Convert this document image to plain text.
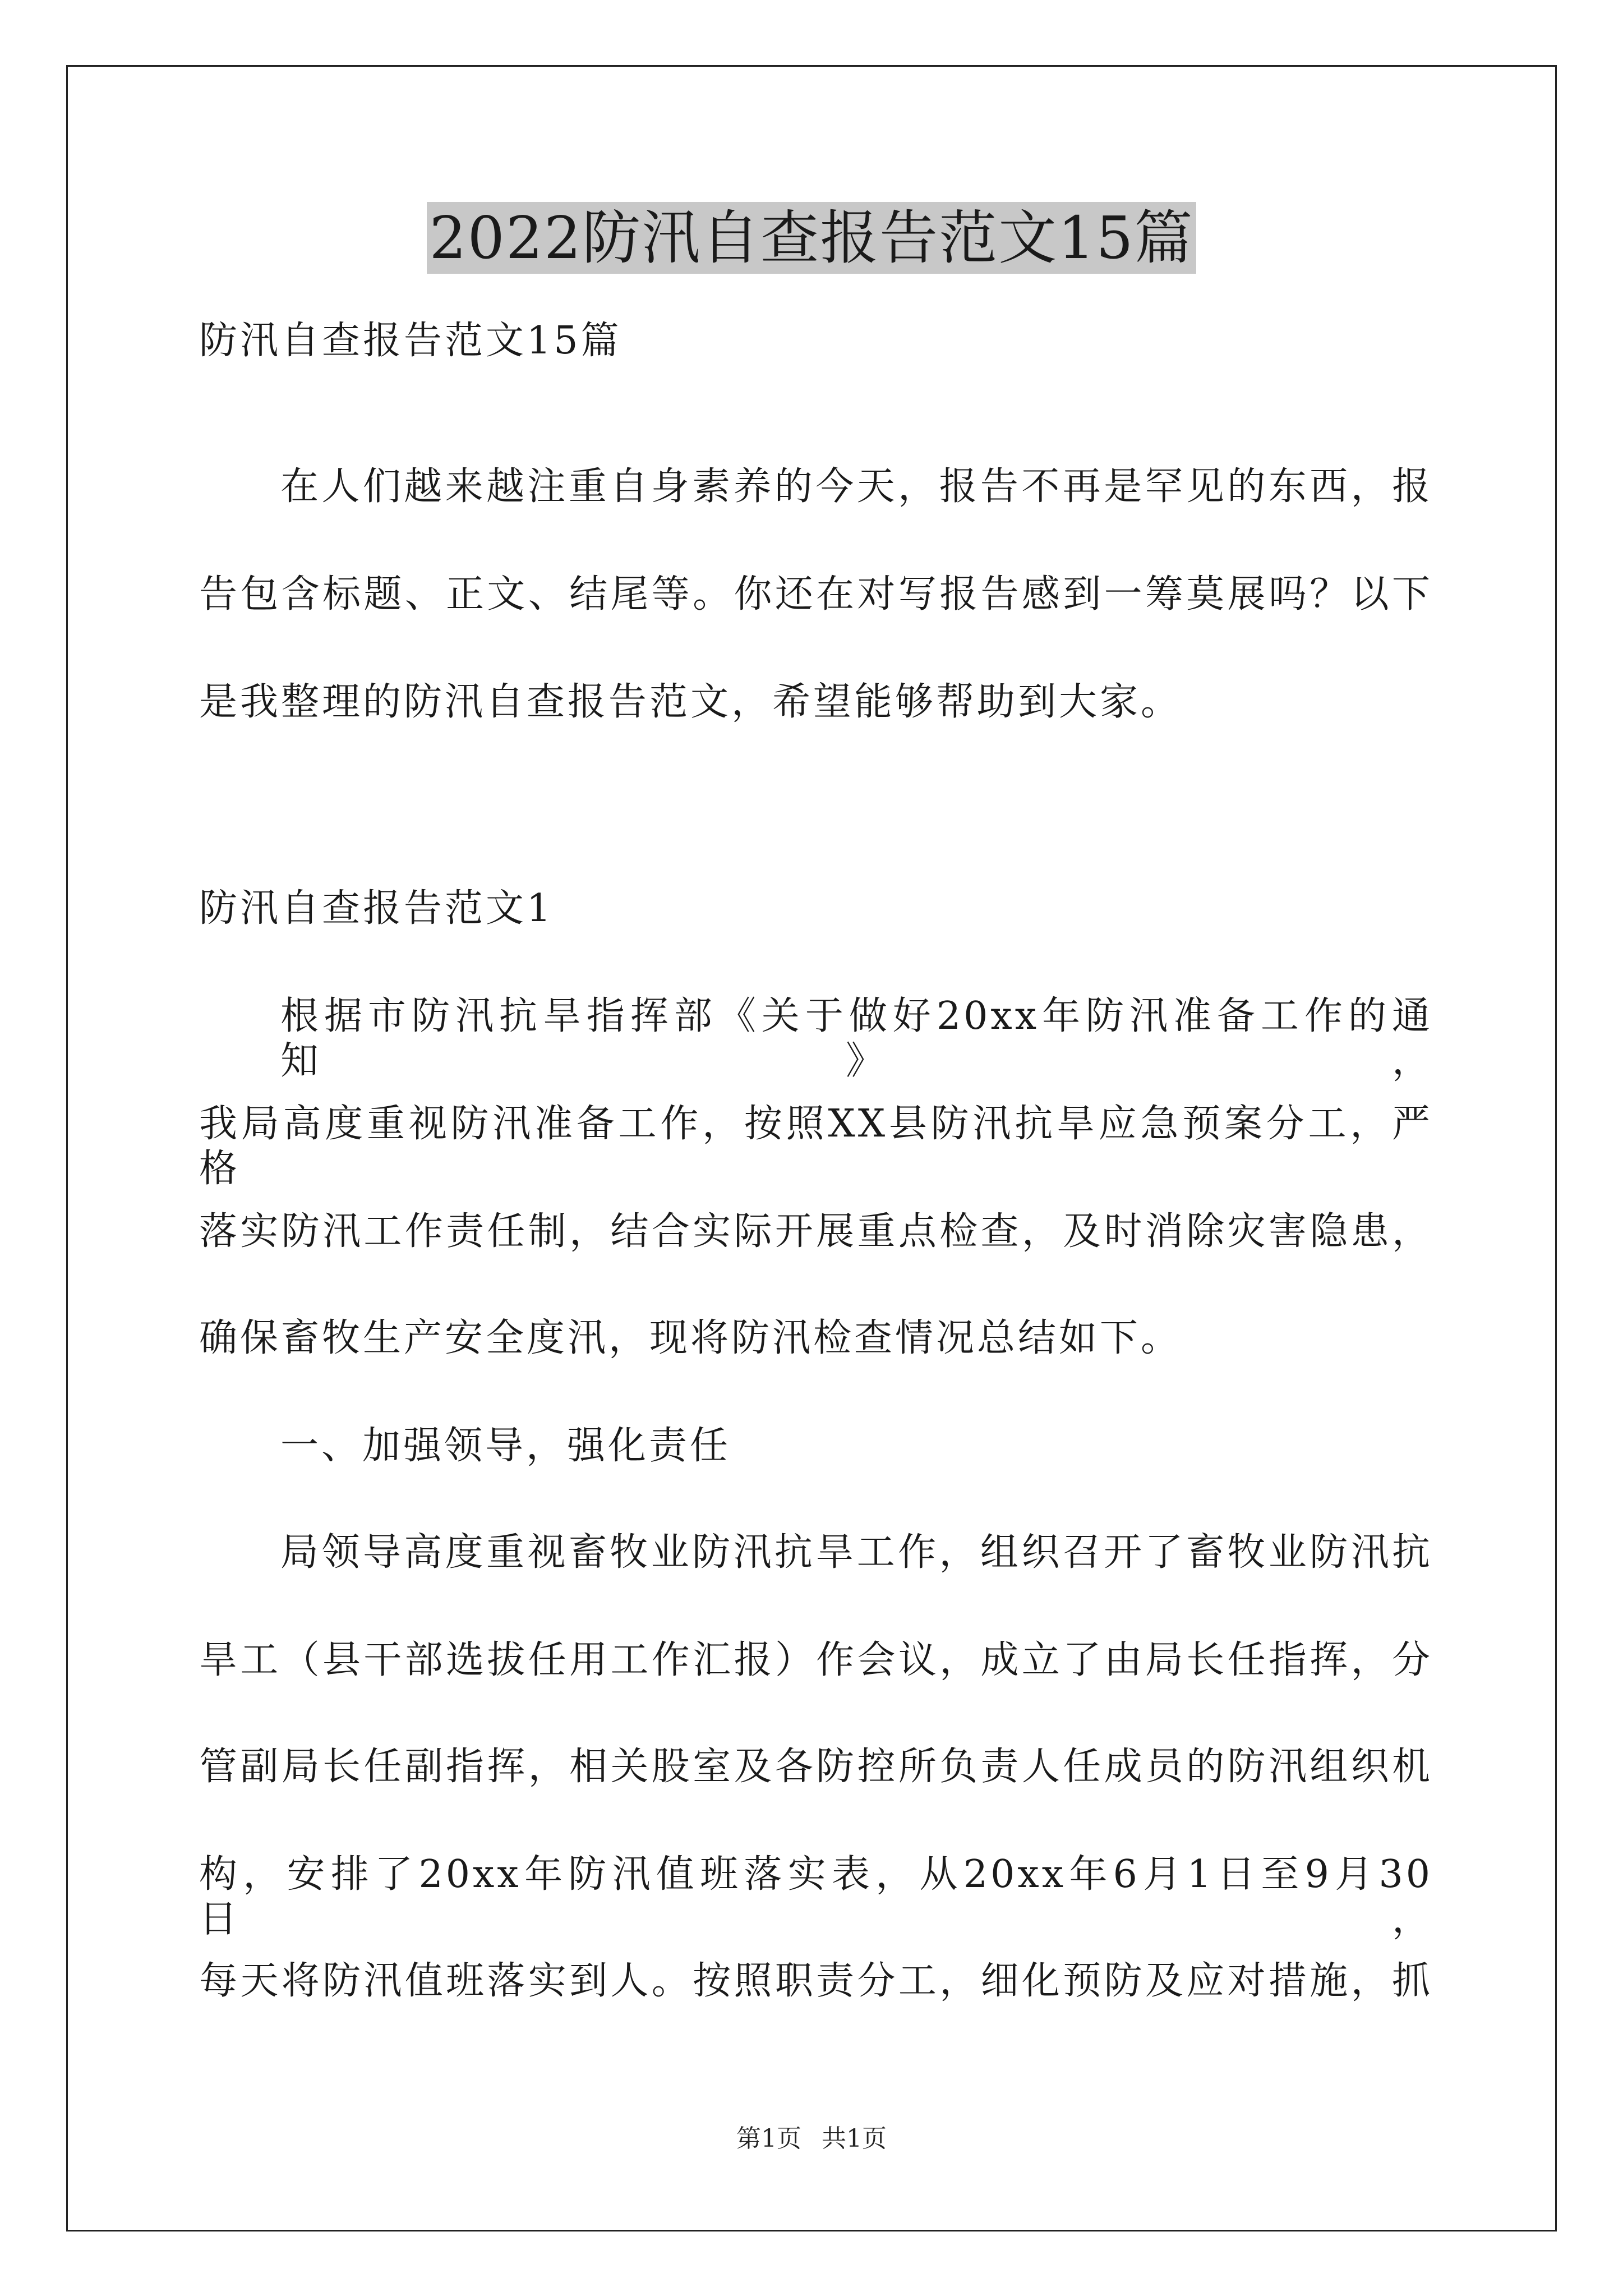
2022防汛自查报告范文15篇
防汛自查报告范文15篇
在人们越来越注重自身素养的今天，报告不再是罕见的东西，报
告包含标题、正文、结尾等。你还在对写报告感到一筹莫展吗？以下
是我整理的防汛自查报告范文，希望能够帮助到大家。
防汛自查报告范文1
根据市防汛抗旱指挥部《关于做好20xx年防汛准备工作的通知》，
我局高度重视防汛准备工作，按照XX县防汛抗旱应急预案分工，严格
落实防汛工作责任制，结合实际开展重点检查，及时消除灾害隐患，
确保畜牧生产安全度汛，现将防汛检查情况总结如下。
一、加强领导，强化责任
局领导高度重视畜牧业防汛抗旱工作，组织召开了畜牧业防汛抗
旱工（县干部选拔任用工作汇报）作会议，成立了由局长任指挥，分
管副局长任副指挥，相关股室及各防控所负责人任成员的防汛组织机
构，安排了20xx年防汛值班落实表，从20xx年6月1日至9月30日，
每天将防汛值班落实到人。按照职责分工，细化预防及应对措施，抓
第1页 共1页
